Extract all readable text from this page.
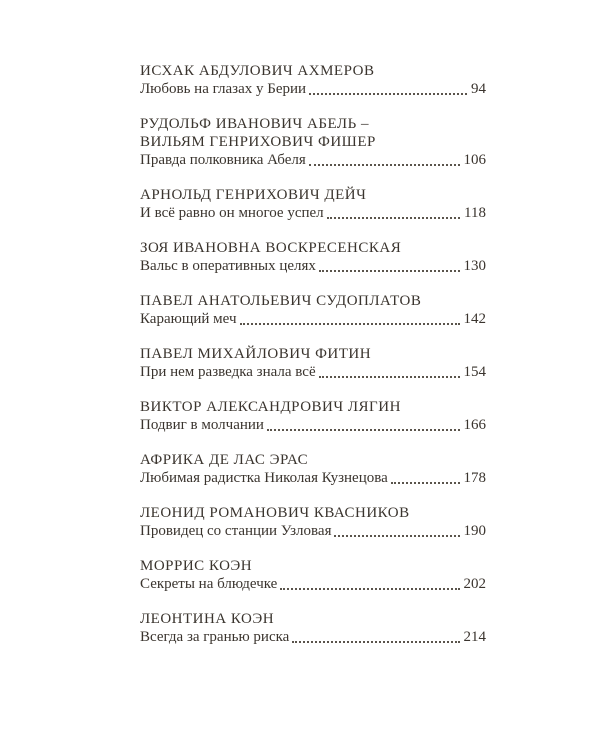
ИСХАК АБДУЛОВИЧ АХМЕРОВ
Любовь на глазах у Берии	94
РУДОЛЬФ ИВАНОВИЧ АБЕЛЬ –
ВИЛЬЯМ ГЕНРИХОВИЧ ФИШЕР
Правда полковника Абеля	106
АРНОЛЬД ГЕНРИХОВИЧ ДЕЙЧ
И всё равно он многое успел	118
ЗОЯ ИВАНОВНА ВОСКРЕСЕНСКАЯ
Вальс в оперативных целях	130
ПАВЕЛ АНАТОЛЬЕВИЧ СУДОПЛАТОВ
Карающий меч	142
ПАВЕЛ МИХАЙЛОВИЧ ФИТИН
При нем разведка знала всё	154
ВИКТОР АЛЕКСАНДРОВИЧ ЛЯГИН
Подвиг в молчании	166
АФРИКА ДЕ ЛАС ЭРАС
Любимая радистка Николая Кузнецова	178
ЛЕОНИД РОМАНОВИЧ КВАСНИКОВ
Провидец со станции Узловая	190
МОРРИС КОЭН
Секреты на блюдечке	202
ЛЕОНТИНА КОЭН
Всегда за гранью риска	214
